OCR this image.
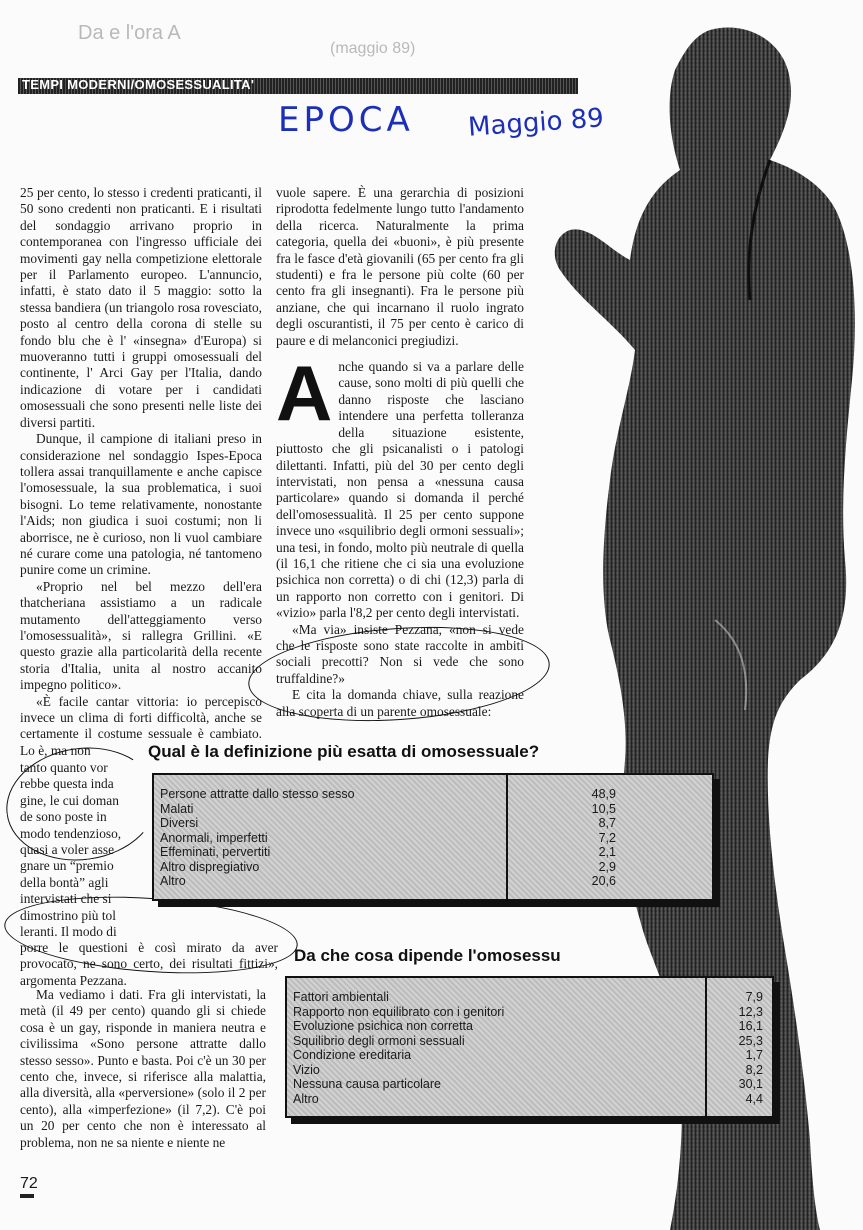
Da e l'ora A
(maggio 89)
TEMPI MODERNI/OMOSESSUALITA'
EPOCA Maggio 89

25 per cento, lo stesso i credenti praticanti, il 50 sono credenti non praticanti. E i risultati del sondaggio arrivano proprio in contemporanea con l'ingresso ufficiale dei movimenti gay nella competizione elettorale per il Parlamento europeo. L'annuncio, infatti, è stato dato il 5 maggio: sotto la stessa bandiera (un triangolo rosa rovesciato, posto al centro della corona di stelle su fondo blu che è l' «insegna» d'Europa) si muoveranno tutti i gruppi omosessuali del continente, l' Arci Gay per l'Italia, dando indicazione di votare per i candidati omosessuali che sono presenti nelle liste dei diversi partiti.

Dunque, il campione di italiani preso in considerazione nel sondaggio Ispes-Epoca tollera assai tranquillamente e anche capisce l'omosessuale, la sua problematica, i suoi bisogni. Lo teme relativamente, nonostante l'Aids; non giudica i suoi costumi; non li aborrisce, ne è curioso, non li vuol cambiare né curare come una patologia, né tantomeno punire come un crimine.

«Proprio nel bel mezzo dell'era thatcheriana assistiamo a un radicale mutamento dell'atteggiamento verso l'omosessualità», si rallegra Grillini. «E questo grazie alla particolarità della recente storia d'Italia, unita al nostro accanito impegno politico».

«È facile cantar vittoria: io percepisco invece un clima di forti difficoltà, anche se certamente il costume sessuale è cambiato. Lo è, ma non

tanto quanto vor
rebbe questa inda
gine, le cui doman
de sono poste in
modo tendenzioso,
quasi a voler asse
gnare un “premio
della bontà” agli
intervistati che si
dimostrino più tol
leranti. Il modo di

porre le questioni è così mirato da aver provocato, ne sono certo, dei risultati fittizi», argomenta Pezzana.

Ma vediamo i dati. Fra gli intervistati, la metà (il 49 per cento) quando gli si chiede cosa è un gay, risponde in maniera neutra e civilissima «Sono persone attratte dallo stesso sesso». Punto e basta. Poi c'è un 30 per cento che, invece, si riferisce alla malattia, alla diversità, alla «perversione» (solo il 2 per cento), alla «imperfezione» (il 7,2). C'è poi un 20 per cento che non è interessato al problema, non ne sa niente e niente ne

vuole sapere. È una gerarchia di posizioni riprodotta fedelmente lungo tutto l'andamento della ricerca. Naturalmente la prima categoria, quella dei «buoni», è più presente fra le fasce d'età giovanili (65 per cento fra gli studenti) e fra le persone più colte (60 per cento fra gli insegnanti). Fra le persone più anziane, che qui incarnano il ruolo ingrato degli oscurantisti, il 75 per cento è carico di paure e di melanconici pregiudizi.

Anche quando si va a parlare delle cause, sono molti di più quelli che danno risposte che lasciano intendere una perfetta tolleranza della situazione esistente, piuttosto che gli psicanalisti o i patologi dilettanti. Infatti, più del 30 per cento degli intervistati, non pensa a «nessuna causa particolare» quando si domanda il perché dell'omosessualità. Il 25 per cento suppone invece uno «squilibrio degli ormoni sessuali»; una tesi, in fondo, molto più neutrale di quella (il 16,1 che ritiene che ci sia una evoluzione psichica non corretta) o di chi (12,3) parla di un rapporto non corretto con i genitori. Di «vizio» parla l'8,2 per cento degli intervistati.

«Ma via» insiste Pezzana, «non si vede che le risposte sono state raccolte in ambiti sociali precotti? Non si vede che sono truffaldine?»

E cita la domanda chiave, sulla reazione alla scoperta di un parente omosessuale:

Qual è la definizione più esatta di omosessuale?
Persone attratte dallo stesso sesso
Malati
Diversi
Anormali, imperfetti
Effeminati, pervertiti
Altro dispregiativo
Altro
48,9
10,5
8,7
7,2
2,1
2,9
20,6
Da che cosa dipende l'omosessu
Fattori ambientali
Rapporto non equilibrato con i genitori
Evoluzione psichica non corretta
Squilibrio degli ormoni sessuali
Condizione ereditaria
Vizio
Nessuna causa particolare
Altro
7,9
12,3
16,1
25,3
1,7
8,2
30,1
4,4
72
